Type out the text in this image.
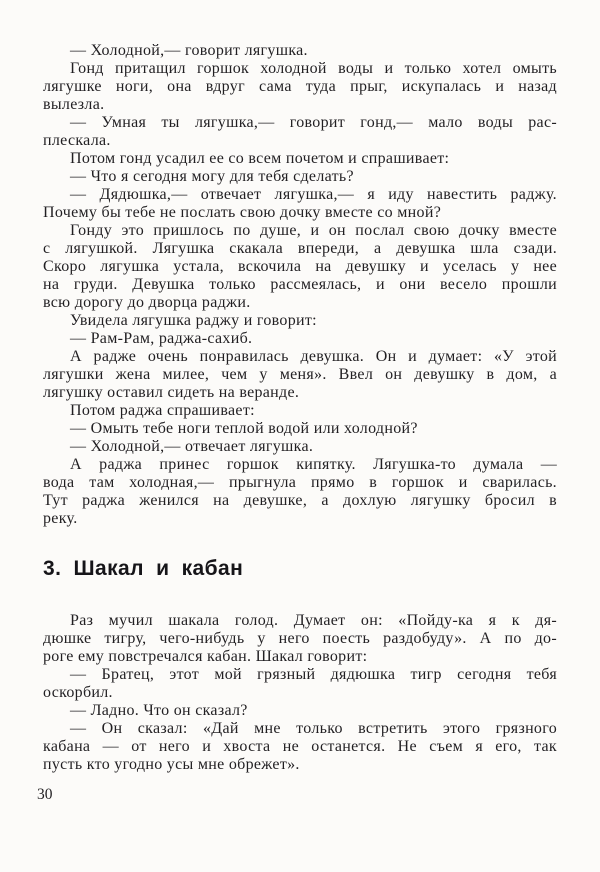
— Холодной,— говорит лягушка.
Гонд притащил горшок холодной воды и только хотел омыть
лягушке ноги, она вдруг сама туда прыг, искупалась и назад
вылезла.
— Умная ты лягушка,— говорит гонд,— мало воды рас-
плескала.
Потом гонд усадил ее со всем почетом и спрашивает:
— Что я сегодня могу для тебя сделать?
— Дядюшка,— отвечает лягушка,— я иду навестить раджу.
Почему бы тебе не послать свою дочку вместе со мной?
Гонду это пришлось по душе, и он послал свою дочку вместе
с лягушкой. Лягушка скакала впереди, а девушка шла сзади.
Скоро лягушка устала, вскочила на девушку и уселась у нее
на груди. Девушка только рассмеялась, и они весело прошли
всю дорогу до дворца раджи.
Увидела лягушка раджу и говорит:
— Рам-Рам, раджа-сахиб.
А радже очень понравилась девушка. Он и думает: «У этой
лягушки жена милее, чем у меня». Ввел он девушку в дом, а
лягушку оставил сидеть на веранде.
Потом раджа спрашивает:
— Омыть тебе ноги теплой водой или холодной?
— Холодной,— отвечает лягушка.
А раджа принес горшок кипятку. Лягушка-то думала —
вода там холодная,— прыгнула прямо в горшок и сварилась.
Тут раджа женился на девушке, а дохлую лягушку бросил в
реку.
3. Шакал и кабан
Раз мучил шакала голод. Думает он: «Пойду-ка я к дя-
дюшке тигру, чего-нибудь у него поесть раздобуду». А по до-
роге ему повстречался кабан. Шакал говорит:
— Братец, этот мой грязный дядюшка тигр сегодня тебя
оскорбил.
— Ладно. Что он сказал?
— Он сказал: «Дай мне только встретить этого грязного
кабана — от него и хвоста не останется. Не съем я его, так
пусть кто угодно усы мне обрежет».
30
